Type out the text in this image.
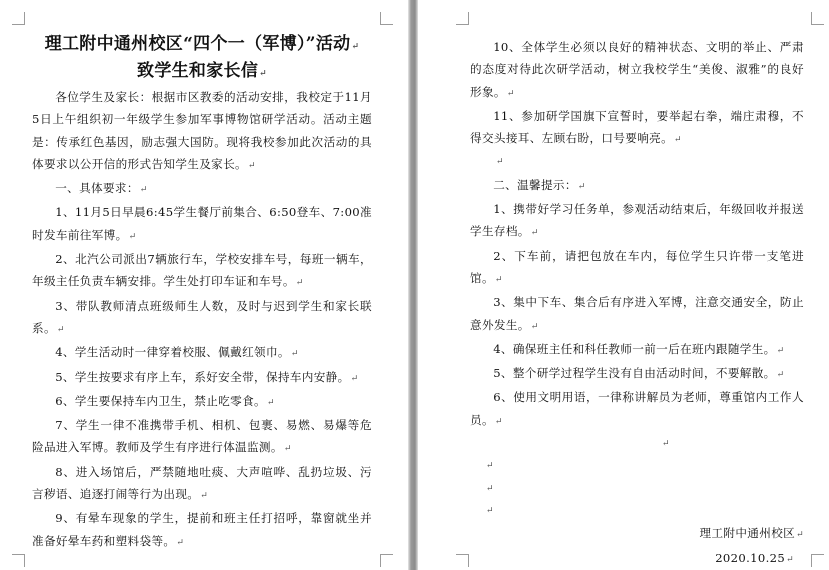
理工附中通州校区“四个一（军博）”活动↵
致学生和家长信↵

各位学生及家长：根据市区教委的活动安排，我校定于11月5日上午组织初一年级学生参加军事博物馆研学活动。活动主题是：传承红色基因，励志强大国防。现将我校参加此次活动的具体要求以公开信的形式告知学生及家长。↵

一、具体要求：↵

1、11月5日早晨6:45学生餐厅前集合、6:50登车、7:00准时发车前往军博。↵

2、北汽公司派出7辆旅行车，学校安排车号，每班一辆车，年级主任负责车辆安排。学生处打印车证和车号。↵

3、带队教师清点班级师生人数，及时与迟到学生和家长联系。↵

4、学生活动时一律穿着校服、佩戴红领巾。↵

5、学生按要求有序上车，系好安全带，保持车内安静。↵

6、学生要保持车内卫生，禁止吃零食。↵

7、学生一律不准携带手机、相机、包裹、易燃、易爆等危险品进入军博。教师及学生有序进行体温监测。↵

8、进入场馆后，严禁随地吐痰、大声喧哗、乱扔垃圾、污言秽语、追逐打闹等行为出现。↵

9、有晕车现象的学生，提前和班主任打招呼，靠窗就坐并准备好晕车药和塑料袋等。↵

10、全体学生必须以良好的精神状态、文明的举止、严肃的态度对待此次研学活动，树立我校学生“美俊、淑雅”的良好形象。↵

11、参加研学国旗下宣誓时，要举起右拳，端庄肃穆，不得交头接耳、左顾右盼，口号要响亮。↵

↵

二、温馨提示：↵

1、携带好学习任务单，参观活动结束后，年级回收并报送学生存档。↵

2、下车前，请把包放在车内，每位学生只许带一支笔进馆。↵

3、集中下车、集合后有序进入军博，注意交通安全，防止意外发生。↵

4、确保班主任和科任教师一前一后在班内跟随学生。↵

5、整个研学过程学生没有自由活动时间，不要解散。↵

6、使用文明用语，一律称讲解员为老师，尊重馆内工作人员。↵

↵
↵
↵
↵

理工附中通州校区↵

2020.10.25↵
